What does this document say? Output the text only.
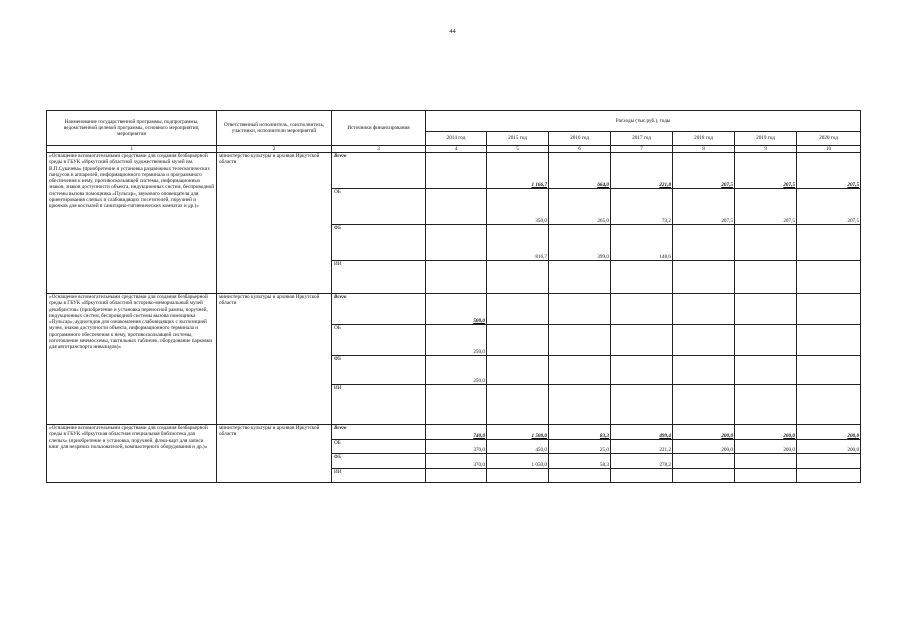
44
Наименование государственной программы, подпрограммы, ведомственной целевой программы, основного мероприятия, мероприятия	Ответственный исполнитель, соисполнитель, участники, исполнители мероприятий	Источники финансирования	Расходы (тыс.руб.), годы						
			2014 год	2015 год	2016 год	2017 год	2018 год	2019 год	2020 год
1	2	3	4	5	6	7	8	9	10
«Оснащение вспомогательными средствами для создания безбарьерной среды в ГБУК «Иркутский областной художественный музей им. В.П.Сукачева» (приобретение и установка раздвижных телескопических пандусов и аппарелей, информационного терминала и программного обеспечения к нему, противоскользящей системы, информационных знаков, знаков доступности объекта, индукционных систем, беспроводной системы вызова помощника «Пульсар», звукового оповещателя для ориентирования слепых и слабовидящих посетителей, поручней и крючков для костылей в санитарно-гигиенических комнатах и др.)»	министерство культуры и архивов Иркутской области	Всего		1 166,7	664,0	221,8	207,5	207,5	207,5
		ОБ		350,0	265,0	73,2	207,5	207,5	207,5
		ФБ		816,7	399,0	148,6			
		ИИ							
«Оснащение вспомогательными средствами для создания безбарьерной среды в ГБУК «Иркутский областной историко-мемориальный музей декабристов» (приобретение и установка переносной рампы, поручней, индукционных систем, беспроводной системы вызова помощника «Пульсар», аудиогидов для ознакомления слабовидящих с экспозицией музея, знаков доступности объекта, информационного терминала и программного обеспечения к нему, противоскользящей системы, изготовление мнемосхемы, тактильных табличек, оборудование парковки для автотранспорта инвалидов)»	министерство культуры и архивов Иркутской области	Всего	500,0						
		ОБ	250,0						
		ФБ	250,0						
		ИИ							
«Оснащение вспомогательными средствами для создания безбарьерной среды в ГБУК «Иркутская областная специальная библиотека для слепых» (приобретение и установка, поручней, флэш-карт для записи книг для незрячих пользователей, компьютерного оборудования и др.)»	министерство культуры и архивов Иркутской области	Всего	740,0	1 500,0	83,3	499,4	200,0	200,0	200,0
		ОБ	370,0	450,0	25,0	221,2	200,0	200,0	200,0
		ФБ	370,0	1 050,0	58,3	278,2			
		ИИ							
